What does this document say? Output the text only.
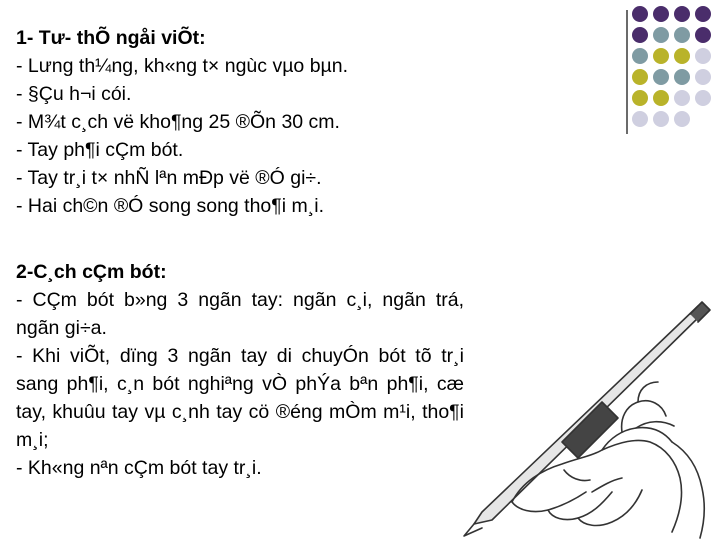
1- Tư- thÕ ngåi viÕt:
- Lưng th¼ng, kh«ng t× ngùc vµo bµn.
- §Çu h¬i cói.
- M¾t c¸ch vë kho¶ng 25 ®Õn 30 cm.
- Tay ph¶i cÇm bót.
- Tay tr¸i t× nhÑ lªn mÐp vë ®Ó gi÷.
- Hai ch©n ®Ó song song tho¶i m¸i.
2-C¸ch cÇm bót:
- CÇm bót b»ng 3 ngãn tay: ngãn c¸i, ngãn trá, ngãn gi÷a.
- Khi viÕt, dïng 3 ngãn tay di chuyÓn bót tõ tr¸i sang ph¶i, c¸n bót nghiªng vÒ phÝa bªn ph¶i, cæ tay, khuûu tay vµ c¸nh tay cö ®éng mÒm m¹i, tho¶i m¸i;
- Kh«ng nªn cÇm bót tay tr¸i.
